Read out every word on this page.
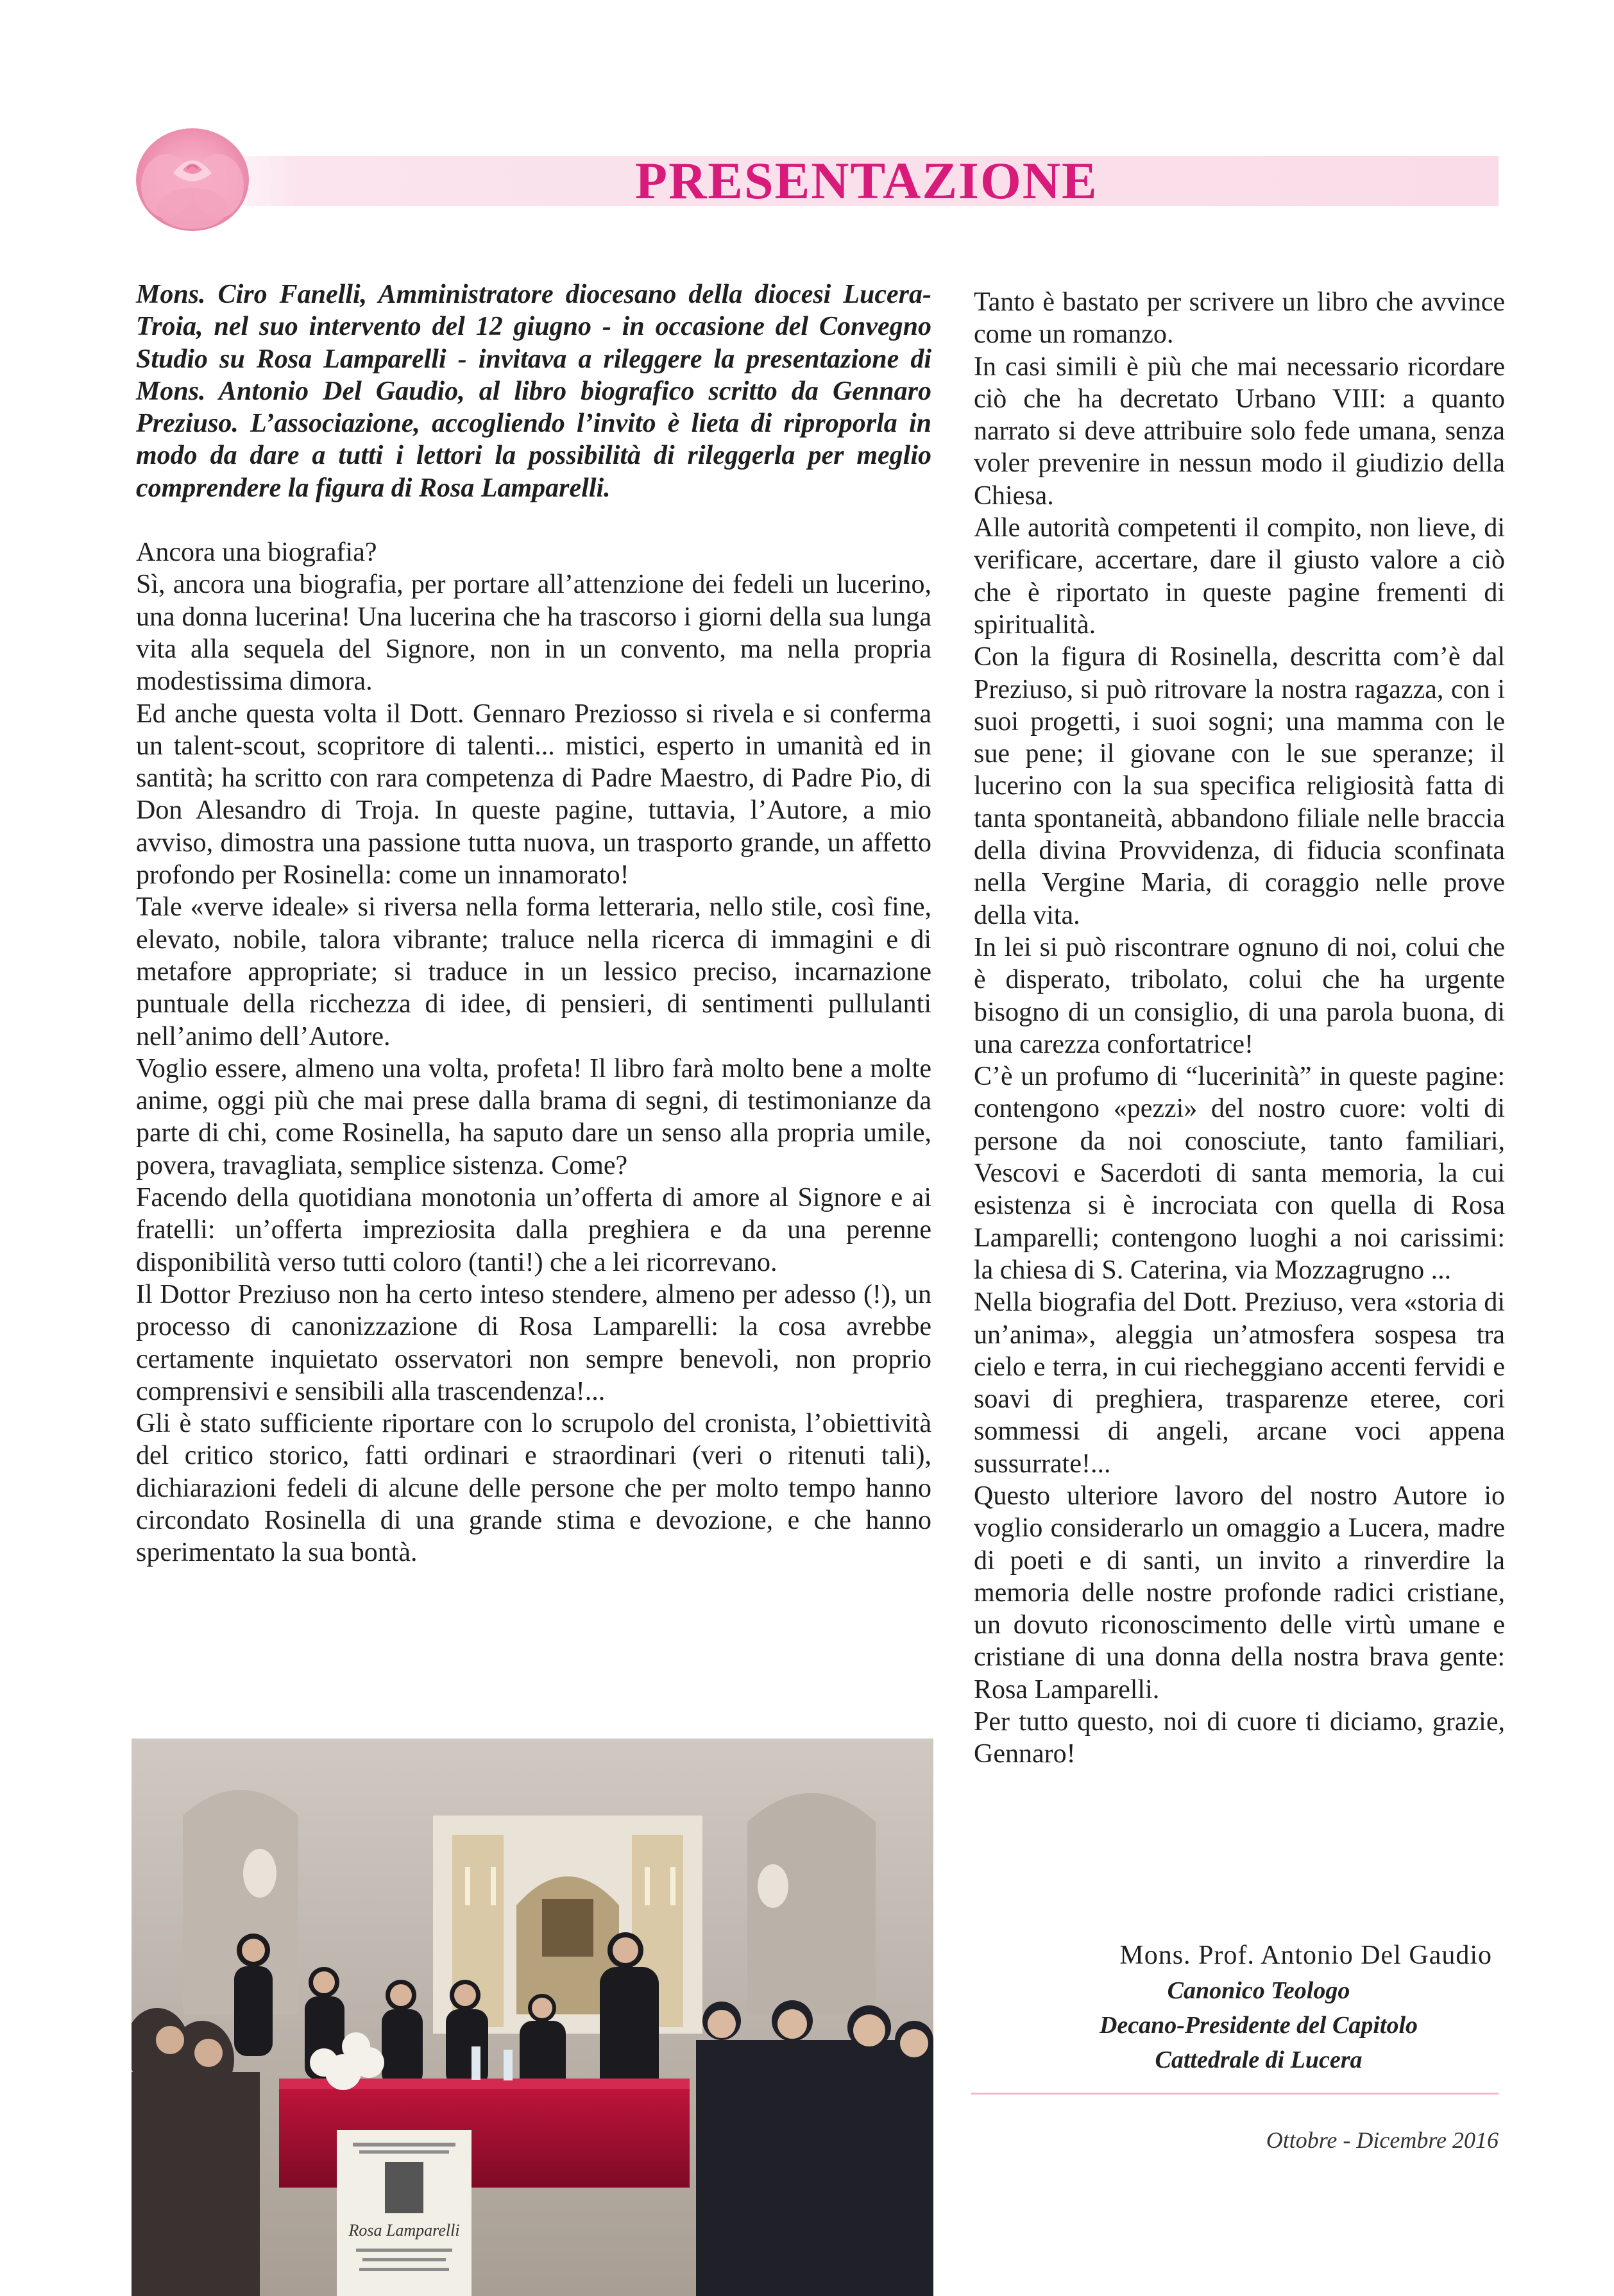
PRESENTAZIONE

Mons. Ciro Fanelli, Amministratore diocesano della diocesi Lucera-Troia, nel suo intervento del 12 giugno - in occasione del Convegno Studio su Rosa Lamparelli - invitava a rileggere la presentazione di Mons. Antonio Del Gaudio, al libro biografico scritto da Gennaro Preziuso. L’associazione, accogliendo l’invito è lieta di riproporla in modo da dare a tutti i lettori la possibilità di rileggerla per meglio comprendere la figura di Rosa Lamparelli.

Ancora una biografia?

Sì, ancora una biografia, per portare all’attenzione dei fedeli un lucerino, una donna lucerina! Una lucerina che ha trascorso i giorni della sua lunga vita alla sequela del Signore, non in un convento, ma nella propria modestissima dimora.

Ed anche questa volta il Dott. Gennaro Preziosso si rivela e si conferma un talent-scout, scopritore di talenti... mistici, esperto in umanità ed in santità; ha scritto con rara competenza di Padre Maestro, di Padre Pio, di Don Alesandro di Troja. In queste pagine, tuttavia, l’Autore, a mio avviso, dimostra una passione tutta nuova, un trasporto grande, un affetto profondo per Rosinella: come un innamorato!

Tale «verve ideale» si riversa nella forma letteraria, nello stile, così fine, elevato, nobile, talora vibrante; traluce nella ricerca di immagini e di metafore appropriate; si traduce in un lessico preciso, incarnazione puntuale della ricchezza di idee, di pensieri, di sentimenti pullulanti nell’animo dell’Autore.

Voglio essere, almeno una volta, profeta! Il libro farà molto bene a molte anime, oggi più che mai prese dalla brama di segni, di testimonianze da parte di chi, come Rosinella, ha saputo dare un senso alla propria umile, povera, travagliata, semplice sistenza. Come?

Facendo della quotidiana monotonia un’offerta di amore al Signore e ai fratelli: un’offerta impreziosita dalla preghiera e da una perenne disponibilità verso tutti coloro (tanti!) che a lei ricorrevano.

Il Dottor Preziuso non ha certo inteso stendere, almeno per adesso (!), un processo di canonizzazione di Rosa Lamparelli: la cosa avrebbe certamente inquietato osservatori non sempre benevoli, non proprio comprensivi e sensibili alla trascendenza!...

Gli è stato sufficiente riportare con lo scrupolo del cronista, l’obiettività del critico storico, fatti ordinari e straordinari (veri o ritenuti tali), dichiarazioni fedeli di alcune delle persone che per molto tempo hanno circondato Rosinella di una grande stima e devozione, e che hanno sperimentato la sua bontà.

Tanto è bastato per scrivere un libro che avvince come un romanzo.

In casi simili è più che mai necessario ricordare ciò che ha decretato Urbano VIII: a quanto narrato si deve attribuire solo fede umana, senza voler prevenire in nessun modo il giudizio della Chiesa.

Alle autorità competenti il compito, non lieve, di verificare, accertare, dare il giusto valore a ciò che è riportato in queste pagine frementi di spiritualità.

Con la figura di Rosinella, descritta com’è dal Preziuso, si può ritrovare la nostra ragazza, con i suoi progetti, i suoi sogni; una mamma con le sue pene; il giovane con le sue speranze; il lucerino con la sua specifica religiosità fatta di tanta spontaneità, abbandono filiale nelle braccia della divina Provvidenza, di fiducia sconfinata nella Vergine Maria, di coraggio nelle prove della vita.

In lei si può riscontrare ognuno di noi, colui che è disperato, tribolato, colui che ha urgente bisogno di un consiglio, di una parola buona, di una carezza confortatrice!

C’è un profumo di “lucerinità” in queste pagine: contengono «pezzi» del nostro cuore: volti di persone da noi conosciute, tanto familiari, Vescovi e Sacerdoti di santa memoria, la cui esistenza si è incrociata con quella di Rosa Lamparelli; contengono luoghi a noi carissimi: la chiesa di S. Caterina, via Mozzagrugno ...

Nella biografia del Dott. Preziuso, vera «storia di un’anima», aleggia un’atmosfera sospesa tra cielo e terra, in cui riecheggiano accenti fervidi e soavi di preghiera, trasparenze eteree, cori sommessi di angeli, arcane voci appena sussurrate!...

Questo ulteriore lavoro del nostro Autore io voglio considerarlo un omaggio a Lucera, madre di poeti e di santi, un invito a rinverdire la memoria delle nostre profonde radici cristiane, un dovuto riconoscimento delle virtù umane e cristiane di una donna della nostra brava gente: Rosa Lamparelli.

Per tutto questo, noi di cuore ti diciamo, grazie, Gennaro!

Rosa Lamparelli
Mons. Prof. Antonio Del Gaudio
Canonico Teologo
Decano-Presidente del Capitolo
Cattedrale di Lucera
Ottobre - Dicembre 2016
